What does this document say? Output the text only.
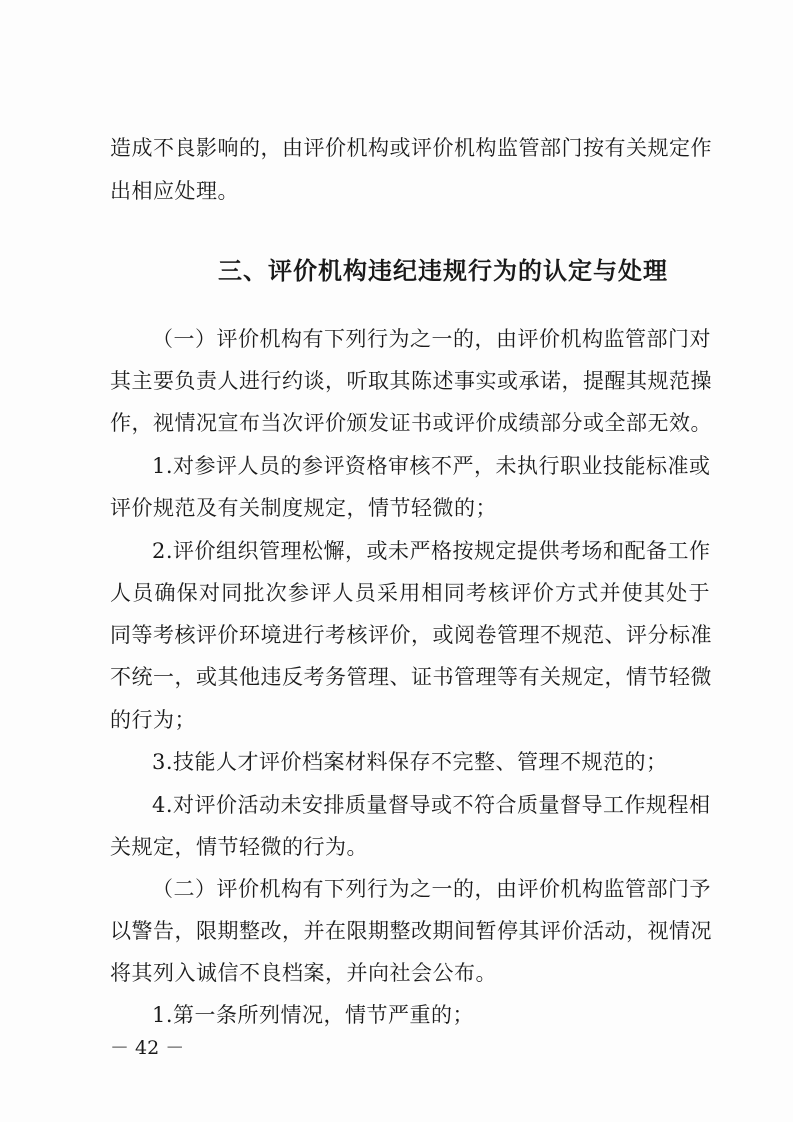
造成不良影响的，由评价机构或评价机构监管部门按有关规定作
出相应处理。
三、评价机构违纪违规行为的认定与处理
（一）评价机构有下列行为之一的，由评价机构监管部门对
其主要负责人进行约谈，听取其陈述事实或承诺，提醒其规范操
作，视情况宣布当次评价颁发证书或评价成绩部分或全部无效。
1.对参评人员的参评资格审核不严，未执行职业技能标准或
评价规范及有关制度规定，情节轻微的；
2.评价组织管理松懈，或未严格按规定提供考场和配备工作
人员确保对同批次参评人员采用相同考核评价方式并使其处于
同等考核评价环境进行考核评价，或阅卷管理不规范、评分标准
不统一，或其他违反考务管理、证书管理等有关规定，情节轻微
的行为；
3.技能人才评价档案材料保存不完整、管理不规范的；
4.对评价活动未安排质量督导或不符合质量督导工作规程相
关规定，情节轻微的行为。
（二）评价机构有下列行为之一的，由评价机构监管部门予
以警告，限期整改，并在限期整改期间暂停其评价活动，视情况
将其列入诚信不良档案，并向社会公布。
－ 42 －
1.第一条所列情况，情节严重的；
